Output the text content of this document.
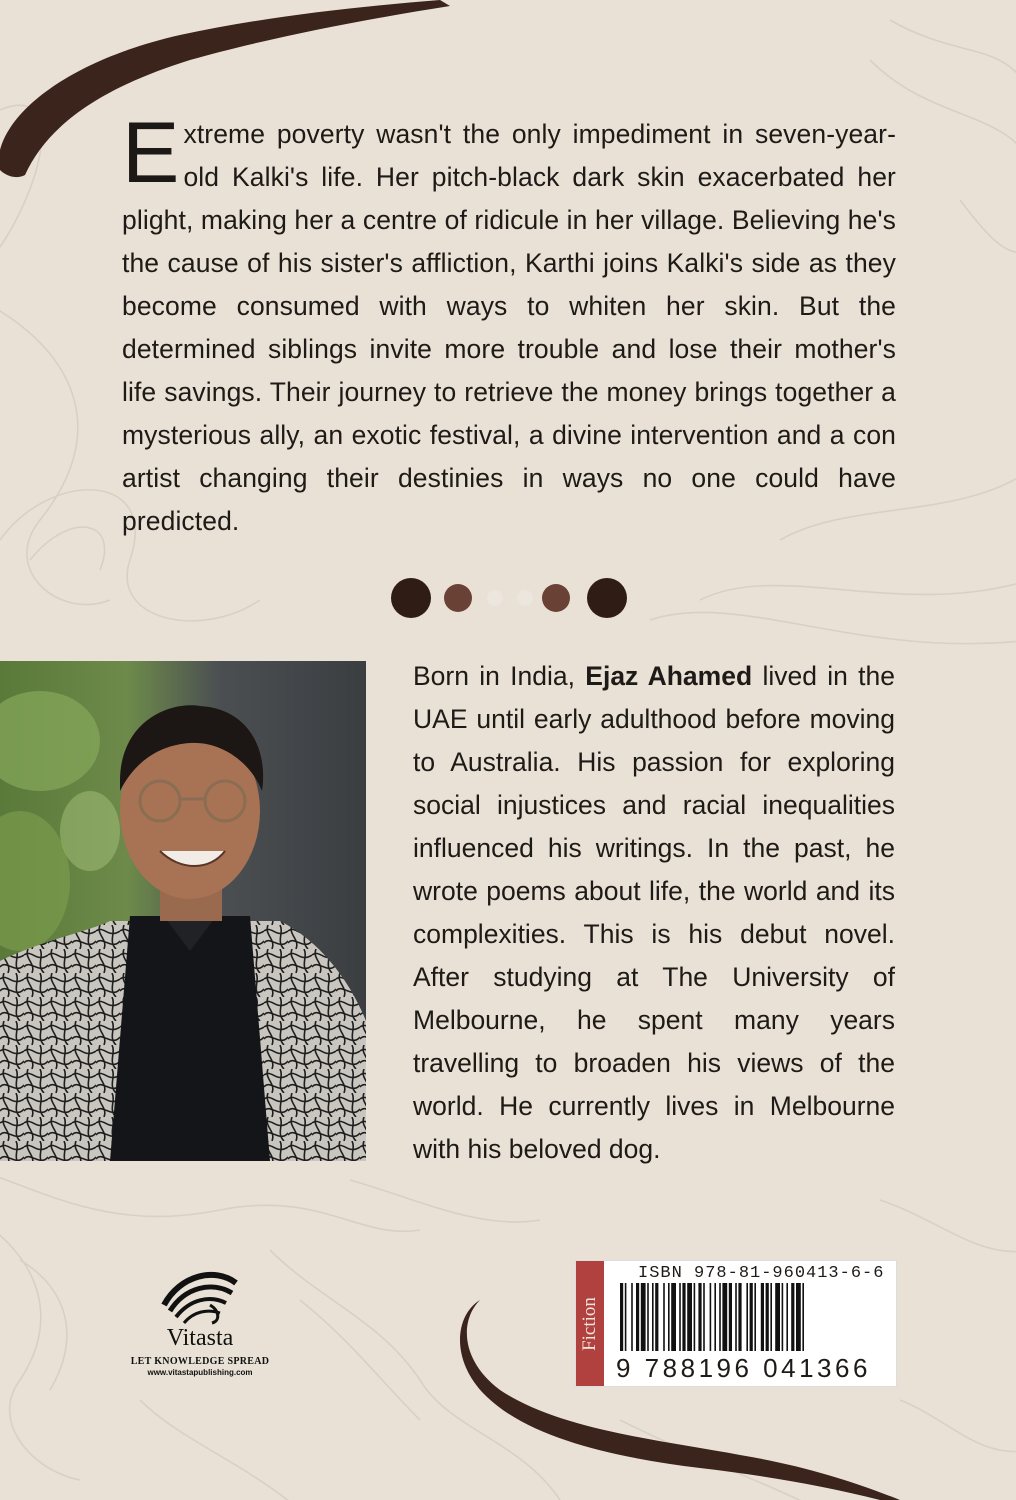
Extreme poverty wasn't the only impediment in seven-year-old Kalki's life. Her pitch-black dark skin exacerbated her plight, making her a centre of ridicule in her village. Believing he's the cause of his sister's affliction, Karthi joins Kalki's side as they become consumed with ways to whiten her skin. But the determined siblings invite more trouble and lose their mother's life savings. Their journey to retrieve the money brings together a mysterious ally, an exotic festival, a divine intervention and a con artist changing their destinies in ways no one could have predicted.
Born in India, Ejaz Ahamed lived in the UAE until early adulthood before moving to Australia. His passion for exploring social injustices and racial inequalities influenced his writings. In the past, he wrote poems about life, the world and its complexities. This is his debut novel. After studying at The University of Melbourne, he spent many years travelling to broaden his views of the world. He currently lives in Melbourne with his beloved dog.
Vitasta
LET KNOWLEDGE SPREAD
www.vitastapublishing.com
Fiction
ISBN 978-81-960413-6-6
9 788196 041366
